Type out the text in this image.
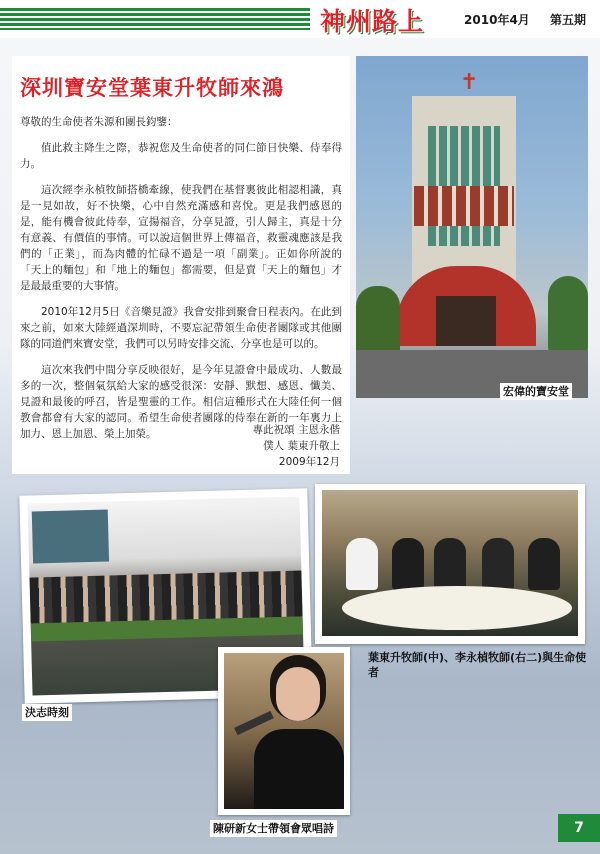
神州路上	2010年4月 第五期
深圳寶安堂葉東升牧師來鴻

尊敬的生命使者朱源和團長鈞鑒：

值此救主降生之際，恭祝您及生命使者的同仁節日快樂、侍奉得力。

這次經李永楨牧師搭橋牽線，使我們在基督裏彼此相認相識，真是一見如故，好不快樂，心中自然充滿感和喜悅。更是我們感恩的是，能有機會彼此侍奉，宣揚福音，分享見證，引人歸主，真是十分有意義、有價值的事情。可以說這個世界上傳福音，救靈魂應該是我們的「正業」，而為肉體的忙碌不過是一項「副業」。正如你所說的「天上的麵包」和「地上的麵包」都需要，但是賣「天上的麵包」才是最最重要的大事情。

2010年12月5日《音樂見證》我會安排到聚會日程表內。在此到來之前，如來大陸經過深圳時，不要忘記帶領生命使者團隊或其他團隊的同道們來寶安堂，我們可以另時安排交流、分享也是可以的。

這次來我們中間分享反映很好，是今年見證會中最成功、人數最多的一次，整個氣氛給大家的感受很深：安靜、默想、感恩、懺美、見證和最後的呼召，皆是聖靈的工作。相信這種形式在大陸任何一個教會都會有大家的認同。希望生命使者團隊的侍奉在新的一年裏力上加力、恩上加恩、榮上加榮。	專此祝頌 主恩永偕
僕人 葉東升敬上
2009年12月
✝
宏偉的寶安堂
葉東升牧師(中)、李永楨牧師(右二)與生命使者
決志時刻
陳研新女士帶領會眾唱詩	7
